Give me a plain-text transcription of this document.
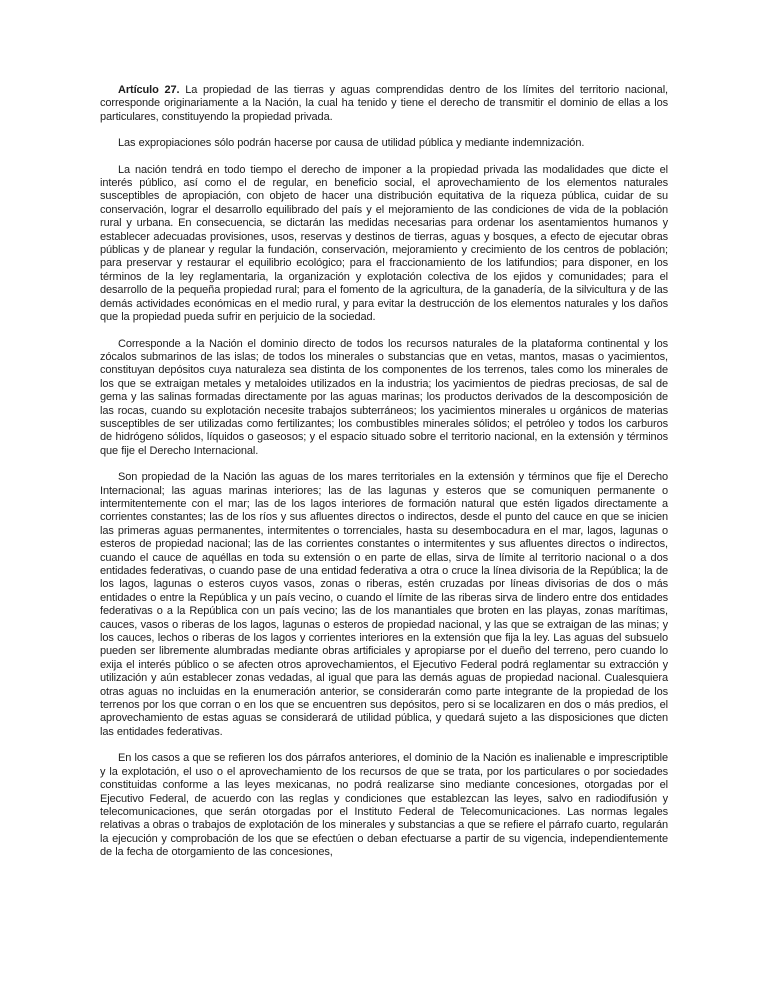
Artículo 27. La propiedad de las tierras y aguas comprendidas dentro de los límites del territorio nacional, corresponde originariamente a la Nación, la cual ha tenido y tiene el derecho de transmitir el dominio de ellas a los particulares, constituyendo la propiedad privada.

Las expropiaciones sólo podrán hacerse por causa de utilidad pública y mediante indemnización.

La nación tendrá en todo tiempo el derecho de imponer a la propiedad privada las modalidades que dicte el interés público, así como el de regular, en beneficio social, el aprovechamiento de los elementos naturales susceptibles de apropiación, con objeto de hacer una distribución equitativa de la riqueza pública, cuidar de su conservación, lograr el desarrollo equilibrado del país y el mejoramiento de las condiciones de vida de la población rural y urbana. En consecuencia, se dictarán las medidas necesarias para ordenar los asentamientos humanos y establecer adecuadas provisiones, usos, reservas y destinos de tierras, aguas y bosques, a efecto de ejecutar obras públicas y de planear y regular la fundación, conservación, mejoramiento y crecimiento de los centros de población; para preservar y restaurar el equilibrio ecológico; para el fraccionamiento de los latifundios; para disponer, en los términos de la ley reglamentaria, la organización y explotación colectiva de los ejidos y comunidades; para el desarrollo de la pequeña propiedad rural; para el fomento de la agricultura, de la ganadería, de la silvicultura y de las demás actividades económicas en el medio rural, y para evitar la destrucción de los elementos naturales y los daños que la propiedad pueda sufrir en perjuicio de la sociedad.

Corresponde a la Nación el dominio directo de todos los recursos naturales de la plataforma continental y los zócalos submarinos de las islas; de todos los minerales o substancias que en vetas, mantos, masas o yacimientos, constituyan depósitos cuya naturaleza sea distinta de los componentes de los terrenos, tales como los minerales de los que se extraigan metales y metaloides utilizados en la industria; los yacimientos de piedras preciosas, de sal de gema y las salinas formadas directamente por las aguas marinas; los productos derivados de la descomposición de las rocas, cuando su explotación necesite trabajos subterráneos; los yacimientos minerales u orgánicos de materias susceptibles de ser utilizadas como fertilizantes; los combustibles minerales sólidos; el petróleo y todos los carburos de hidrógeno sólidos, líquidos o gaseosos; y el espacio situado sobre el territorio nacional, en la extensión y términos que fije el Derecho Internacional.

Son propiedad de la Nación las aguas de los mares territoriales en la extensión y términos que fije el Derecho Internacional; las aguas marinas interiores; las de las lagunas y esteros que se comuniquen permanente o intermitentemente con el mar; las de los lagos interiores de formación natural que estén ligados directamente a corrientes constantes; las de los ríos y sus afluentes directos o indirectos, desde el punto del cauce en que se inicien las primeras aguas permanentes, intermitentes o torrenciales, hasta su desembocadura en el mar, lagos, lagunas o esteros de propiedad nacional; las de las corrientes constantes o intermitentes y sus afluentes directos o indirectos, cuando el cauce de aquéllas en toda su extensión o en parte de ellas, sirva de límite al territorio nacional o a dos entidades federativas, o cuando pase de una entidad federativa a otra o cruce la línea divisoria de la República; la de los lagos, lagunas o esteros cuyos vasos, zonas o riberas, estén cruzadas por líneas divisorias de dos o más entidades o entre la República y un país vecino, o cuando el límite de las riberas sirva de lindero entre dos entidades federativas o a la República con un país vecino; las de los manantiales que broten en las playas, zonas marítimas, cauces, vasos o riberas de los lagos, lagunas o esteros de propiedad nacional, y las que se extraigan de las minas; y los cauces, lechos o riberas de los lagos y corrientes interiores en la extensión que fija la ley. Las aguas del subsuelo pueden ser libremente alumbradas mediante obras artificiales y apropiarse por el dueño del terreno, pero cuando lo exija el interés público o se afecten otros aprovechamientos, el Ejecutivo Federal podrá reglamentar su extracción y utilización y aún establecer zonas vedadas, al igual que para las demás aguas de propiedad nacional. Cualesquiera otras aguas no incluidas en la enumeración anterior, se considerarán como parte integrante de la propiedad de los terrenos por los que corran o en los que se encuentren sus depósitos, pero si se localizaren en dos o más predios, el aprovechamiento de estas aguas se considerará de utilidad pública, y quedará sujeto a las disposiciones que dicten las entidades federativas.

En los casos a que se refieren los dos párrafos anteriores, el dominio de la Nación es inalienable e imprescriptible y la explotación, el uso o el aprovechamiento de los recursos de que se trata, por los particulares o por sociedades constituidas conforme a las leyes mexicanas, no podrá realizarse sino mediante concesiones, otorgadas por el Ejecutivo Federal, de acuerdo con las reglas y condiciones que establezcan las leyes, salvo en radiodifusión y telecomunicaciones, que serán otorgadas por el Instituto Federal de Telecomunicaciones. Las normas legales relativas a obras o trabajos de explotación de los minerales y substancias a que se refiere el párrafo cuarto, regularán la ejecución y comprobación de los que se efectúen o deban efectuarse a partir de su vigencia, independientemente de la fecha de otorgamiento de las concesiones,
